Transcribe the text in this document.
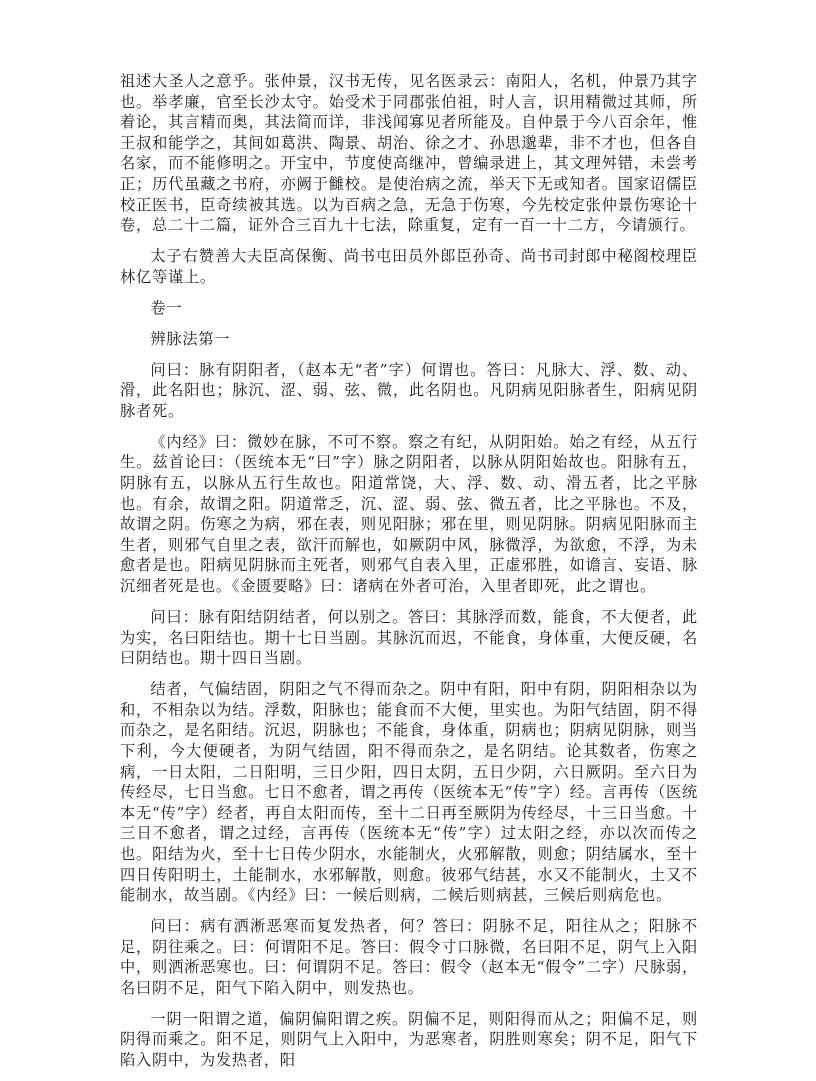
祖述大圣人之意乎。张仲景，汉书无传，见名医录云：南阳人，名机，仲景乃其字也。举孝廉，官至长沙太守。始受术于同郡张伯祖，时人言，识用精微过其师，所着论，其言精而奥，其法简而详，非浅闻寡见者所能及。自仲景于今八百余年，惟王叔和能学之，其间如葛洪、陶景、胡治、徐之才、孙思邈辈，非不才也，但各自名家，而不能修明之。开宝中，节度使高继冲，曾编录进上，其文理舛错，未尝考正；历代虽藏之书府，亦阙于雠校。是使治病之流，举天下无或知者。国家诏儒臣校正医书，臣奇续被其选。以为百病之急，无急于伤寒，今先校定张仲景伤寒论十卷，总二十二篇，证外合三百九十七法，除重复，定有一百一十二方，今请颁行。

太子右赞善大夫臣高保衡、尚书屯田员外郎臣孙奇、尚书司封郎中秘阁校理臣林亿等谨上。

卷一

辨脉法第一

问曰：脉有阴阳者，（赵本无“者”字）何谓也。答曰：凡脉大、浮、数、动、滑，此名阳也；脉沉、涩、弱、弦、微，此名阴也。凡阴病见阳脉者生，阳病见阴脉者死。

《内经》曰：微妙在脉，不可不察。察之有纪，从阴阳始。始之有经，从五行生。兹首论曰：（医统本无“曰”字）脉之阴阳者，以脉从阴阳始故也。阳脉有五，阴脉有五，以脉从五行生故也。阳道常饶，大、浮、数、动、滑五者，比之平脉也。有余，故谓之阳。阴道常乏，沉、涩、弱、弦、微五者，比之平脉也。不及，故谓之阴。伤寒之为病，邪在表，则见阳脉；邪在里，则见阴脉。阴病见阳脉而主生者，则邪气自里之表，欲汗而解也，如厥阴中风，脉微浮，为欲愈，不浮，为未愈者是也。阳病见阴脉而主死者，则邪气自表入里，正虚邪胜，如谵言、妄语、脉沉细者死是也。《金匮要略》曰：诸病在外者可治，入里者即死，此之谓也。

问曰：脉有阳结阴结者，何以别之。答曰：其脉浮而数，能食，不大便者，此为实，名曰阳结也。期十七日当剧。其脉沉而迟，不能食，身体重，大便反硬，名曰阴结也。期十四日当剧。

结者，气偏结固，阴阳之气不得而杂之。阴中有阳，阳中有阴，阴阳相杂以为和，不相杂以为结。浮数，阳脉也；能食而不大便，里实也。为阳气结固，阴不得而杂之，是名阳结。沉迟，阴脉也；不能食，身体重，阴病也；阴病见阴脉，则当下利，今大便硬者，为阴气结固，阳不得而杂之，是名阴结。论其数者，伤寒之病，一日太阳，二日阳明，三日少阳，四日太阴，五日少阴，六日厥阴。至六日为传经尽，七日当愈。七日不愈者，谓之再传（医统本无“传”字）经。言再传（医统本无“传”字）经者，再自太阳而传，至十二日再至厥阴为传经尽，十三日当愈。十三日不愈者，谓之过经，言再传（医统本无“传”字）过太阳之经，亦以次而传之也。阳结为火，至十七日传少阴水，水能制火，火邪解散，则愈；阴结属水，至十四日传阳明土，土能制水，水邪解散，则愈。彼邪气结甚，水又不能制火，土又不能制水，故当剧。《内经》曰：一候后则病，二候后则病甚，三候后则病危也。

问曰：病有洒淅恶寒而复发热者，何？答曰：阴脉不足，阳往从之；阳脉不足，阴往乘之。曰：何谓阳不足。答曰：假令寸口脉微，名曰阳不足，阴气上入阳中，则洒淅恶寒也。曰：何谓阴不足。答曰：假令（赵本无“假令”二字）尺脉弱，名曰阴不足，阳气下陷入阴中，则发热也。

一阴一阳谓之道，偏阴偏阳谓之疾。阴偏不足，则阳得而从之；阳偏不足，则阴得而乘之。阳不足，则阴气上入阳中，为恶寒者，阴胜则寒矣；阴不足，阳气下陷入阴中，为发热者，阳
